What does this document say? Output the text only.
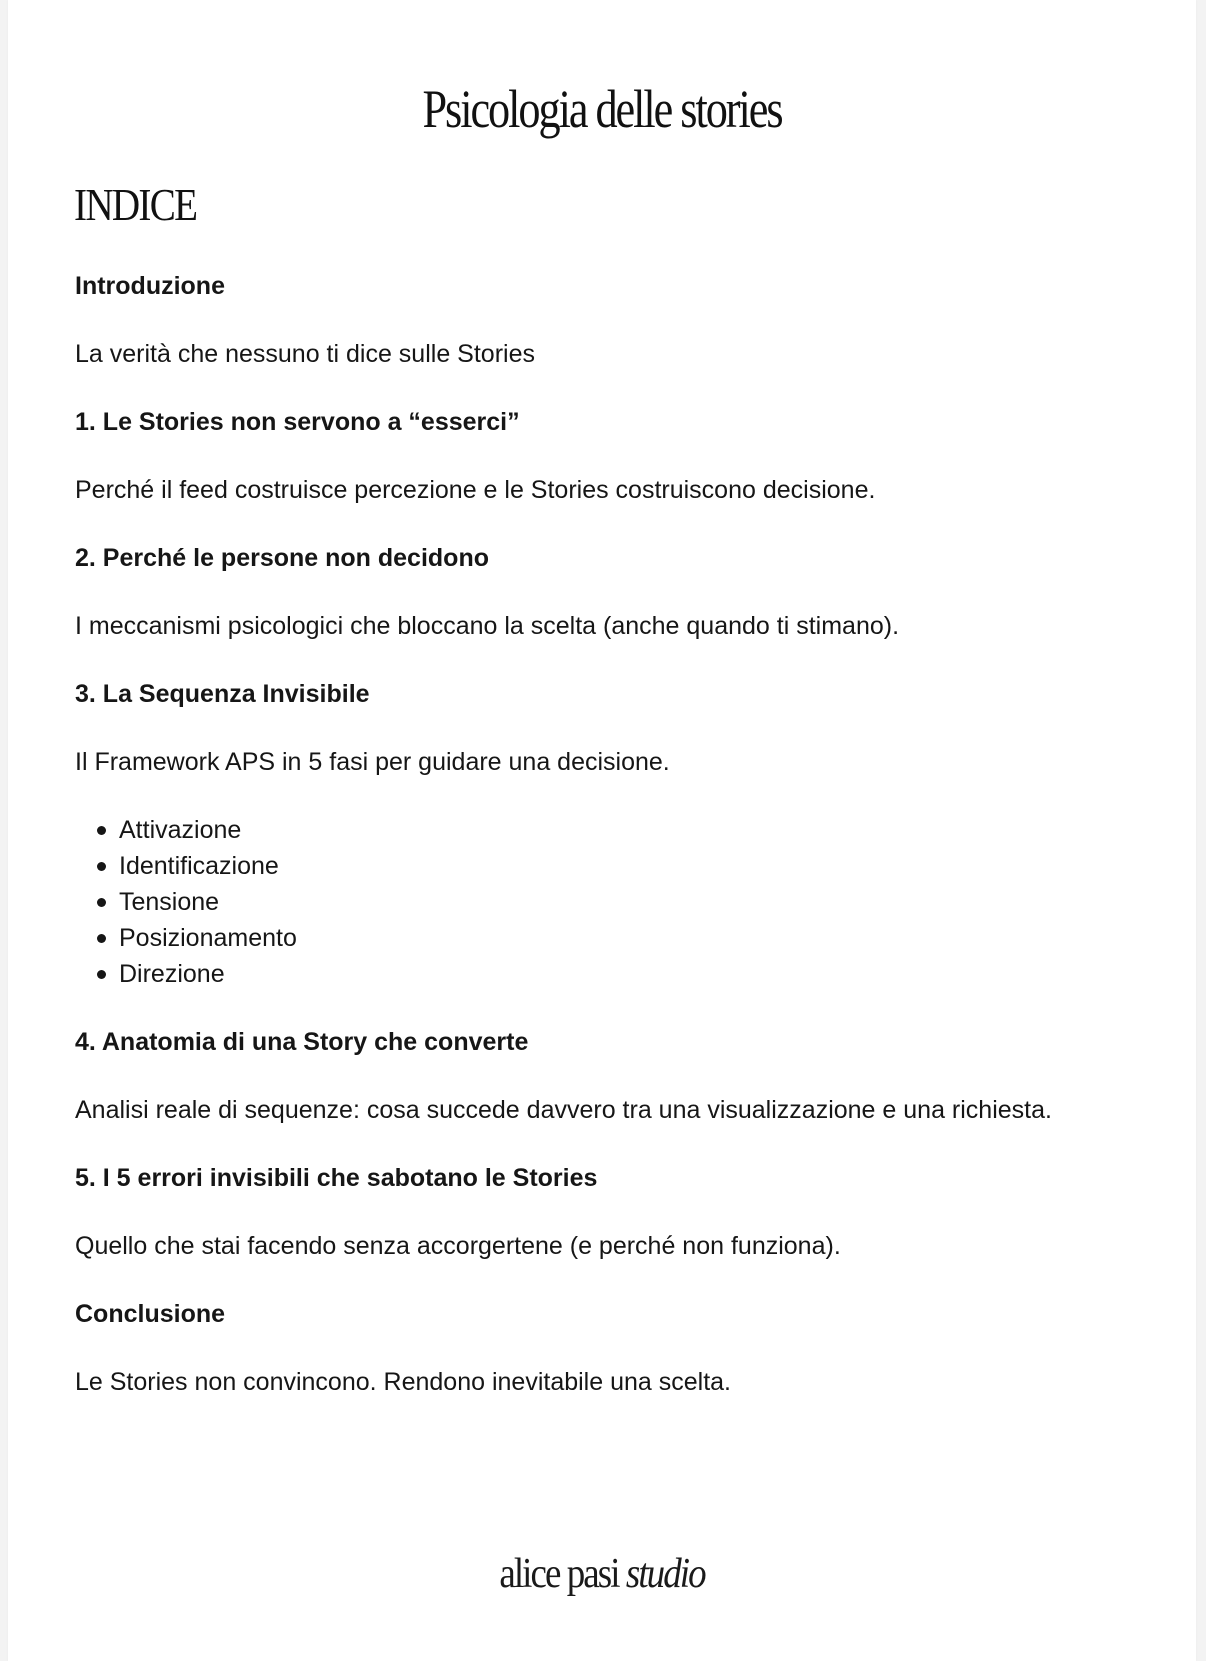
Psicologia delle stories
INDICE
Introduzione
La verità che nessuno ti dice sulle Stories
1. Le Stories non servono a “esserci”
Perché il feed costruisce percezione e le Stories costruiscono decisione.
2. Perché le persone non decidono
I meccanismi psicologici che bloccano la scelta (anche quando ti stimano).
3. La Sequenza Invisibile
Il Framework APS in 5 fasi per guidare una decisione.
Attivazione
Identificazione
Tensione
Posizionamento
Direzione
4. Anatomia di una Story che converte
Analisi reale di sequenze: cosa succede davvero tra una visualizzazione e una richiesta.
5. I 5 errori invisibili che sabotano le Stories
Quello che stai facendo senza accorgertene (e perché non funziona).
Conclusione
Le Stories non convincono. Rendono inevitabile una scelta.
alice pasi studio
